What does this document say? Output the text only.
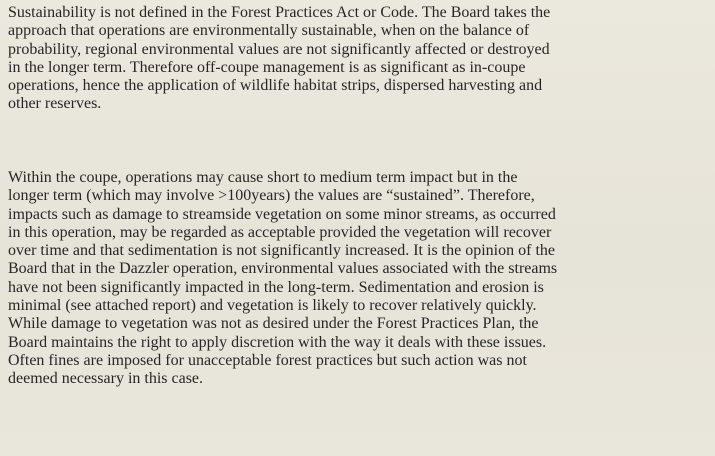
Sustainability is not defined in the Forest Practices Act or Code. The Board takes the
approach that operations are environmentally sustainable, when on the balance of
probability, regional environmental values are not significantly affected or destroyed
in the longer term. Therefore off-coupe management is as significant as in-coupe
operations, hence the application of wildlife habitat strips, dispersed harvesting and
other reserves.

Within the coupe, operations may cause short to medium term impact but in the
longer term (which may involve >100years) the values are “sustained”. Therefore,
impacts such as damage to streamside vegetation on some minor streams, as occurred
in this operation, may be regarded as acceptable provided the vegetation will recover
over time and that sedimentation is not significantly increased. It is the opinion of the
Board that in the Dazzler operation, environmental values associated with the streams
have not been significantly impacted in the long-term. Sedimentation and erosion is
minimal (see attached report) and vegetation is likely to recover relatively quickly.
While damage to vegetation was not as desired under the Forest Practices Plan, the
Board maintains the right to apply discretion with the way it deals with these issues.
Often fines are imposed for unacceptable forest practices but such action was not
deemed necessary in this case.
